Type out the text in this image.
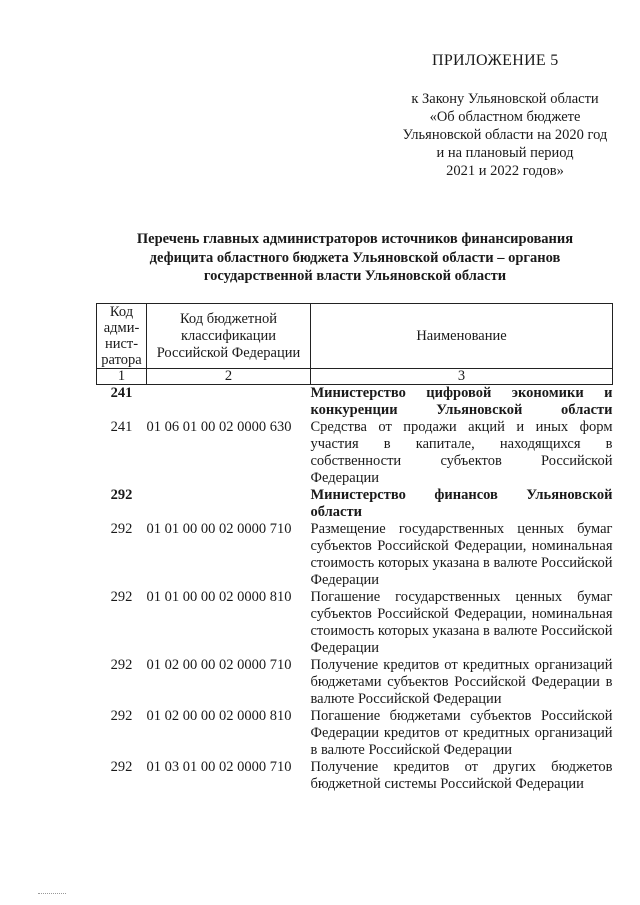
ПРИЛОЖЕНИЕ 5
к Закону Ульяновской области
«Об областном бюджете
Ульяновской области на 2020 год
и на плановый период
2021 и 2022 годов»
Перечень главных администраторов источников финансирования
дефицита областного бюджета Ульяновской области – органов
государственной власти Ульяновской области
Код адми-нист-ратора	Код бюджетной классификации Российской Федерации	Наименование
1	2	3
241		Министерство цифровой экономики и конкуренции Ульяновской области
241	01 06 01 00 02 0000 630	Средства от продажи акций и иных форм участия в капитале, находящихся в собственности субъектов Российской Федерации
292		Министерство финансов Ульяновской области
292	01 01 00 00 02 0000 710	Размещение государственных ценных бумаг субъектов Российской Федерации, номинальная стоимость которых указана в валюте Российской Федерации
292	01 01 00 00 02 0000 810	Погашение государственных ценных бумаг субъектов Российской Федерации, номинальная стоимость которых указана в валюте Российской Федерации
292	01 02 00 00 02 0000 710	Получение кредитов от кредитных организаций бюджетами субъектов Российской Федерации в валюте Российской Федерации
292	01 02 00 00 02 0000 810	Погашение бюджетами субъектов Российской Федерации кредитов от кредитных организаций в валюте Российской Федерации
292	01 03 01 00 02 0000 710	Получение кредитов от других бюджетов бюджетной системы Российской Федерации
